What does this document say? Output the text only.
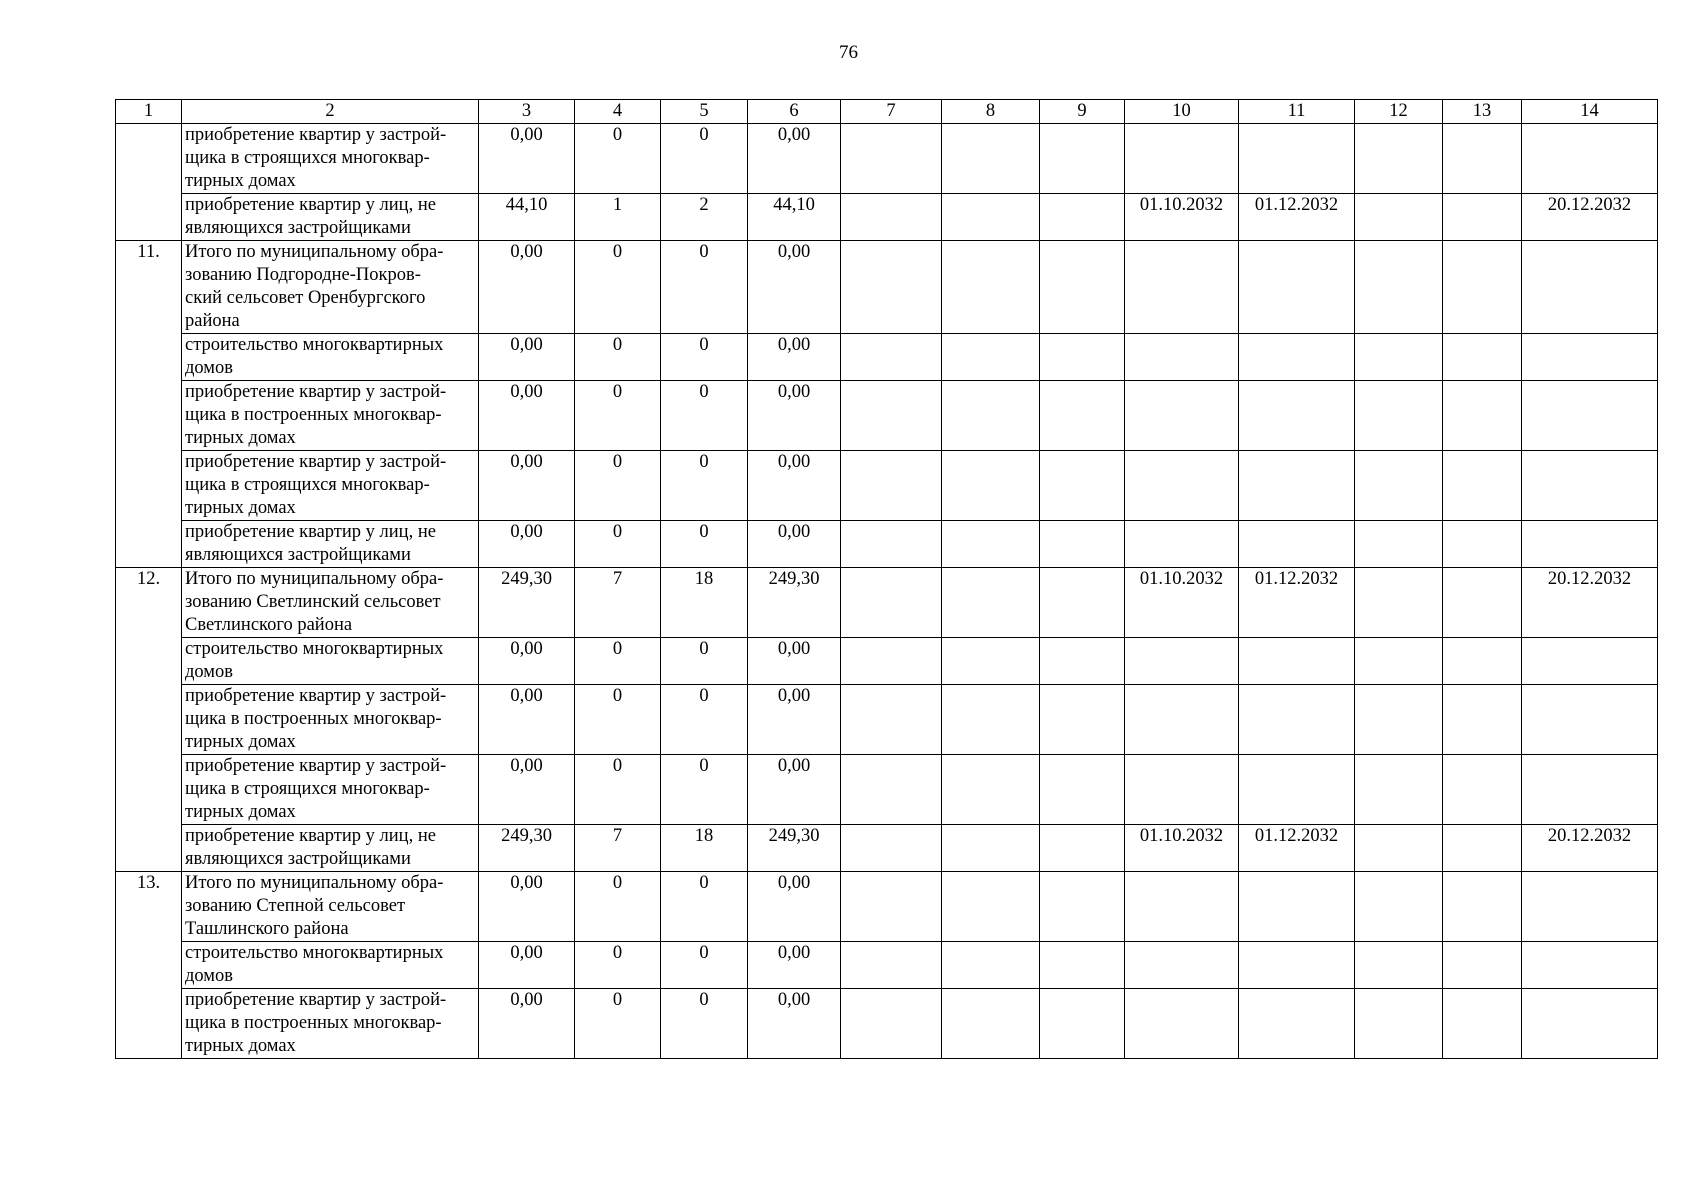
76
1	2	3	4	5	6	7	8	9	10	11	12	13	14

	приобретение квартир у застрой-
щика в строящихся многоквар-
тирных домах	0,00	0	0	0,00								

	приобретение квартир у лиц, не
являющихся застройщиками	44,10	1	2	44,10				01.10.2032	01.12.2032			20.12.2032
11.	Итого по муниципальному обра-
зованию Подгородне-Покров-
ский сельсовет Оренбургского
района	0,00	0	0	0,00								

	строительство многоквартирных
домов	0,00	0	0	0,00								

	приобретение квартир у застрой-
щика в построенных многоквар-
тирных домах	0,00	0	0	0,00								

	приобретение квартир у застрой-
щика в строящихся многоквар-
тирных домах	0,00	0	0	0,00								

	приобретение квартир у лиц, не
являющихся застройщиками	0,00	0	0	0,00								
12.	Итого по муниципальному обра-
зованию Светлинский сельсовет
Светлинского района	249,30	7	18	249,30				01.10.2032	01.12.2032			20.12.2032

	строительство многоквартирных
домов	0,00	0	0	0,00								

	приобретение квартир у застрой-
щика в построенных многоквар-
тирных домах	0,00	0	0	0,00								

	приобретение квартир у застрой-
щика в строящихся многоквар-
тирных домах	0,00	0	0	0,00								

	приобретение квартир у лиц, не
являющихся застройщиками	249,30	7	18	249,30				01.10.2032	01.12.2032			20.12.2032
13.	Итого по муниципальному обра-
зованию Степной сельсовет
Ташлинского района	0,00	0	0	0,00								

	строительство многоквартирных
домов	0,00	0	0	0,00								

	приобретение квартир у застрой-
щика в построенных многоквар-
тирных домах	0,00	0	0	0,00								
